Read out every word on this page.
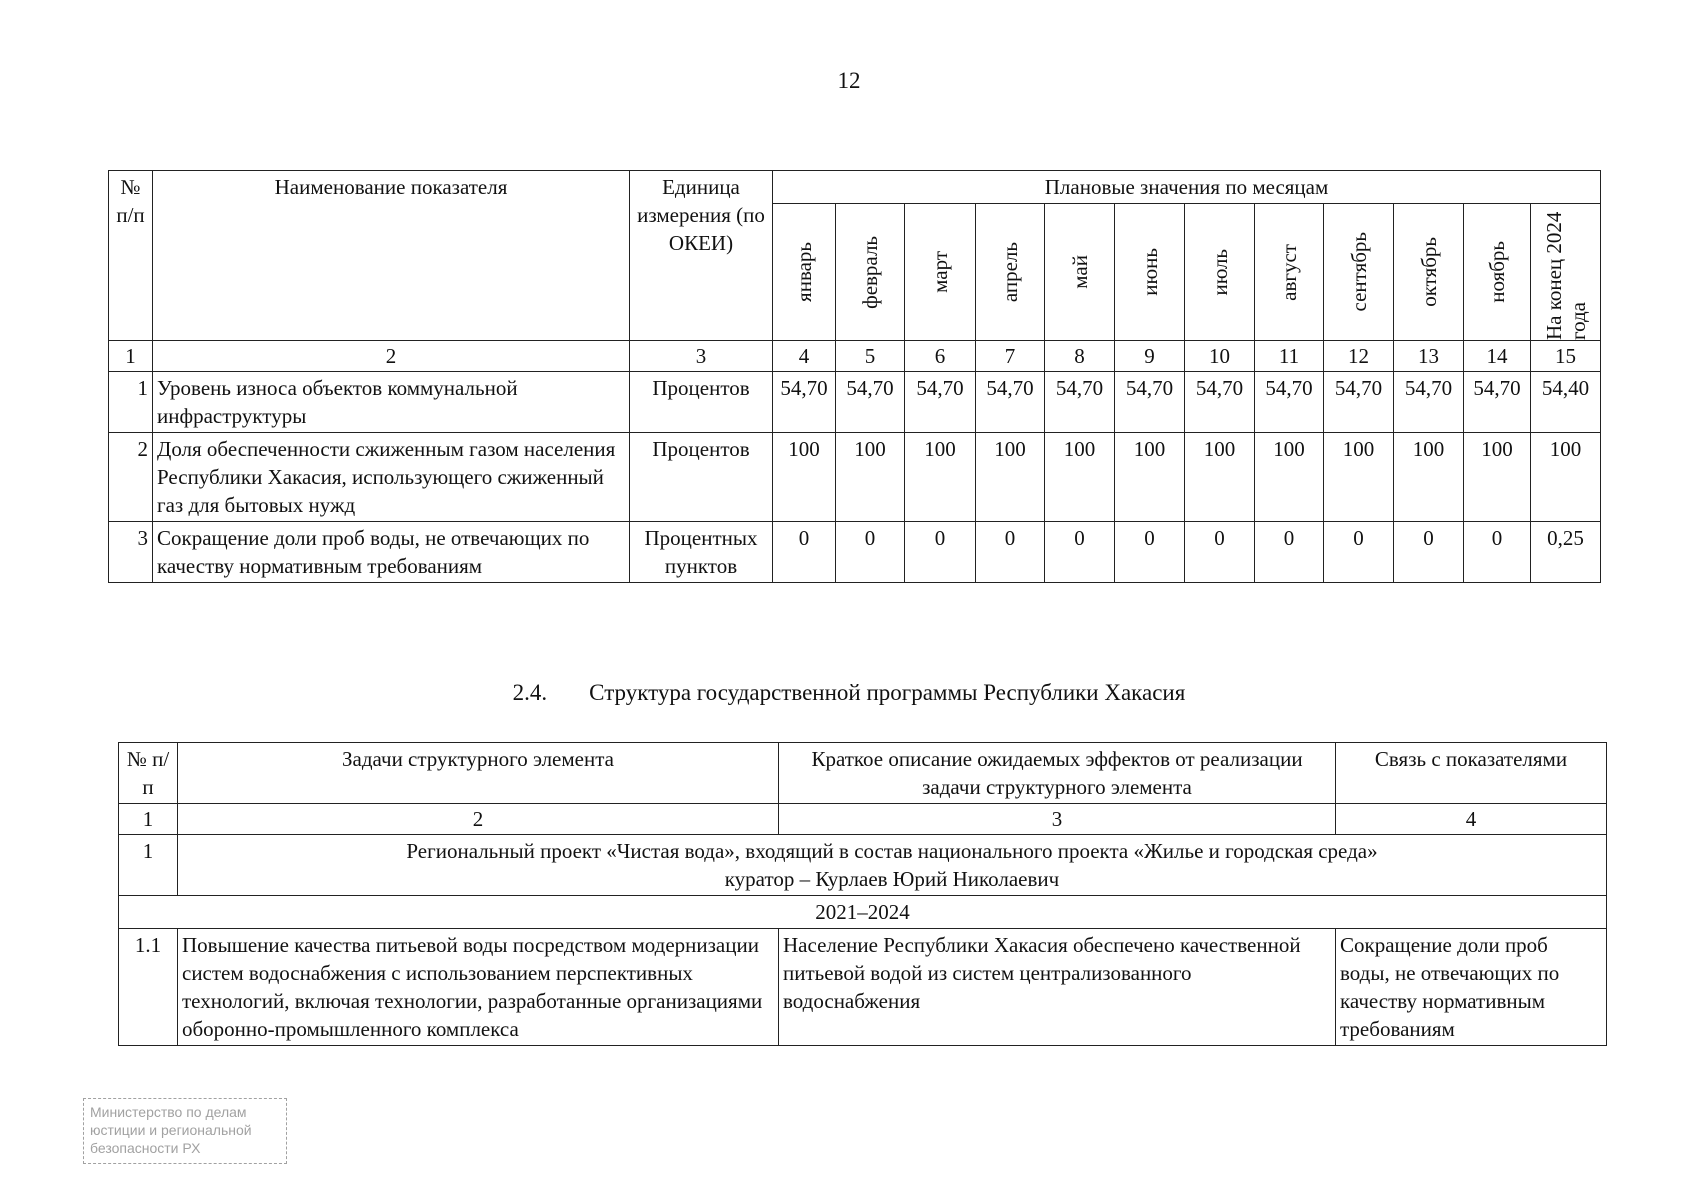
12
№ п/п	Наименование показателя	Единица измерения (по ОКЕИ)	Плановые значения по месяцам											

			январь	февраль	март	апрель	май	июнь	июль	август	сентябрь	октябрь	ноябрь	На конец 2024 года

1	2	3	4	5	6	7	8	9	10	11	12	13	14	15
1	Уровень износа объектов коммунальной инфраструктуры	Процентов	54,70	54,70	54,70	54,70	54,70	54,70	54,70	54,70	54,70	54,70	54,70	54,40
2	Доля обеспеченности сжиженным газом населения Республики Хакасия, использующего сжиженный газ для бытовых нужд	Процентов	100	100	100	100	100	100	100	100	100	100	100	100
3	Сокращение доли проб воды, не отвечающих по качеству нормативным требованиям	Процентных пунктов	0	0	0	0	0	0	0	0	0	0	0	0,25
2.4. Структура государственной программы Республики Хакасия
№ п/п	Задачи структурного элемента	Краткое описание ожидаемых эффектов от реализации задачи структурного элемента	Связь с показателями
1	2	3	4
1	Региональный проект «Чистая вода», входящий в состав национального проекта «Жилье и городская среда»
куратор – Курлаев Юрий Николаевич		

2021–2024			
1.1	Повышение качества питьевой воды посредством модернизации систем водоснабжения с использованием перспективных технологий, включая технологии, разработанные организациями оборонно-промышленного комплекса	Население Республики Хакасия обеспечено качественной питьевой водой из систем централизованного водоснабжения	Сокращение доли проб воды, не отвечающих по качеству нормативным требованиям
Министерство по делам
юстиции и региональной
безопасности РХ
